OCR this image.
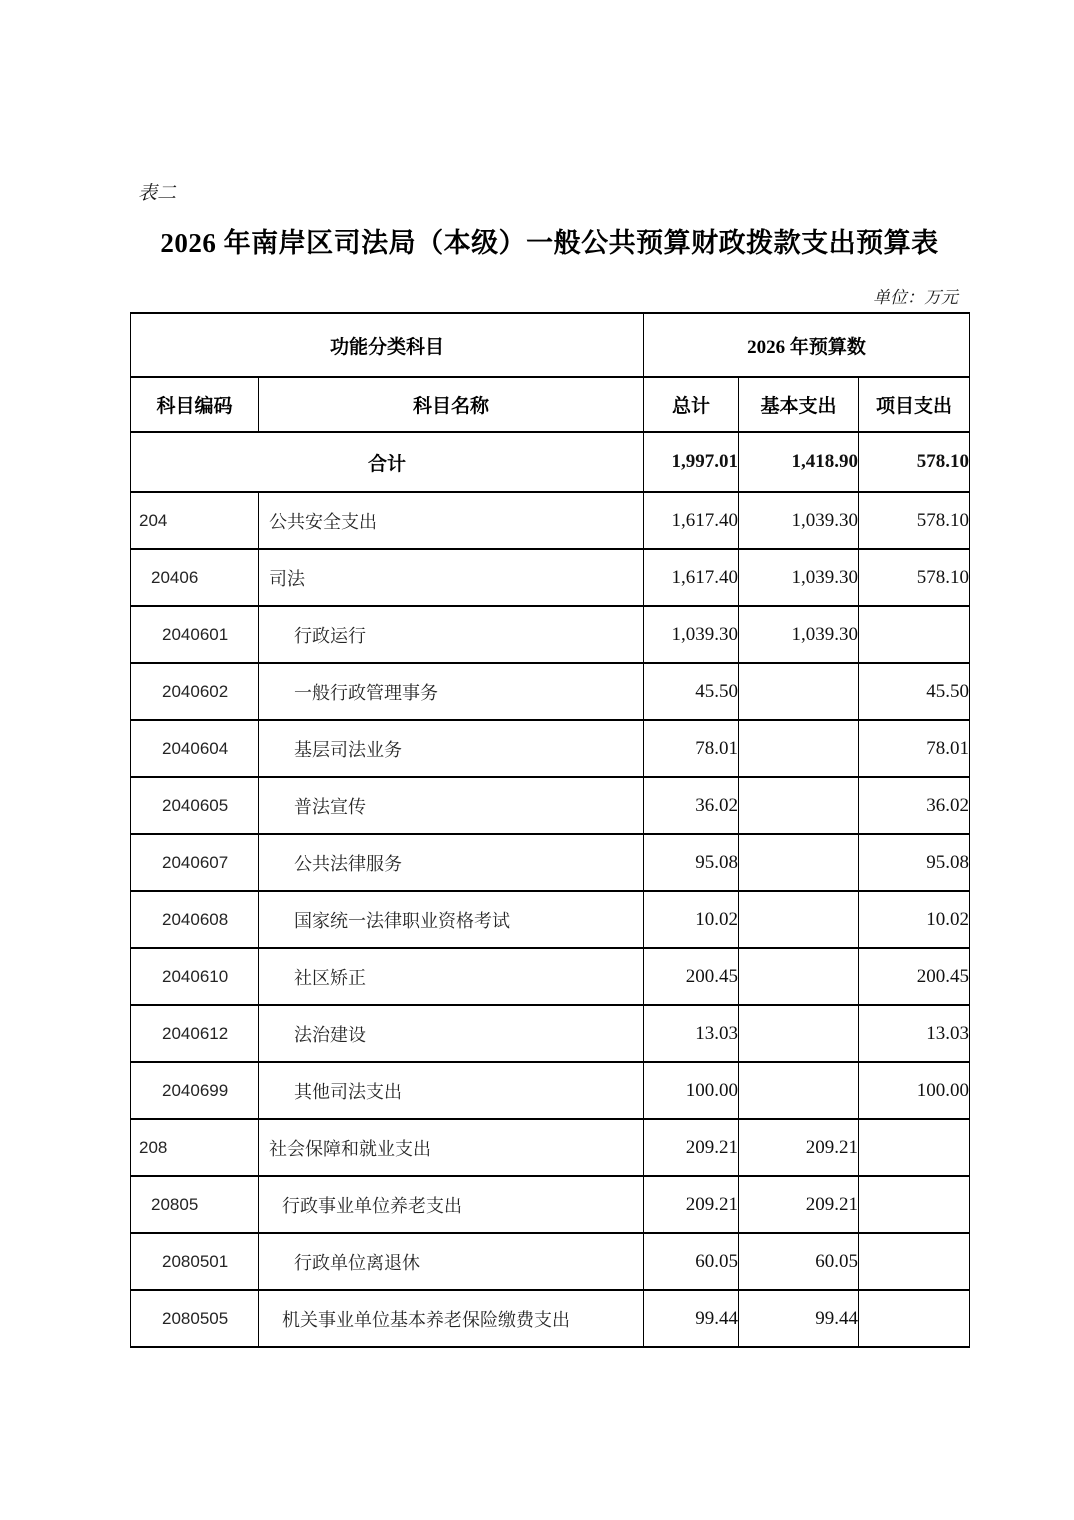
表二
2026 年南岸区司法局（本级）一般公共预算财政拨款支出预算表
单位：万元
功能分类科目		2026 年预算数		
科目编码	科目名称	总计	基本支出	项目支出
合计		1,997.01	1,418.90	578.10
204	公共安全支出	1,617.40	1,039.30	578.10
20406	司法	1,617.40	1,039.30	578.10
2040601	行政运行	1,039.30	1,039.30	
2040602	一般行政管理事务	45.50		45.50
2040604	基层司法业务	78.01		78.01
2040605	普法宣传	36.02		36.02
2040607	公共法律服务	95.08		95.08
2040608	国家统一法律职业资格考试	10.02		10.02
2040610	社区矫正	200.45		200.45
2040612	法治建设	13.03		13.03
2040699	其他司法支出	100.00		100.00
208	社会保障和就业支出	209.21	209.21	
20805	行政事业单位养老支出	209.21	209.21	
2080501	行政单位离退休	60.05	60.05	
2080505	机关事业单位基本养老保险缴费支出	99.44	99.44	
